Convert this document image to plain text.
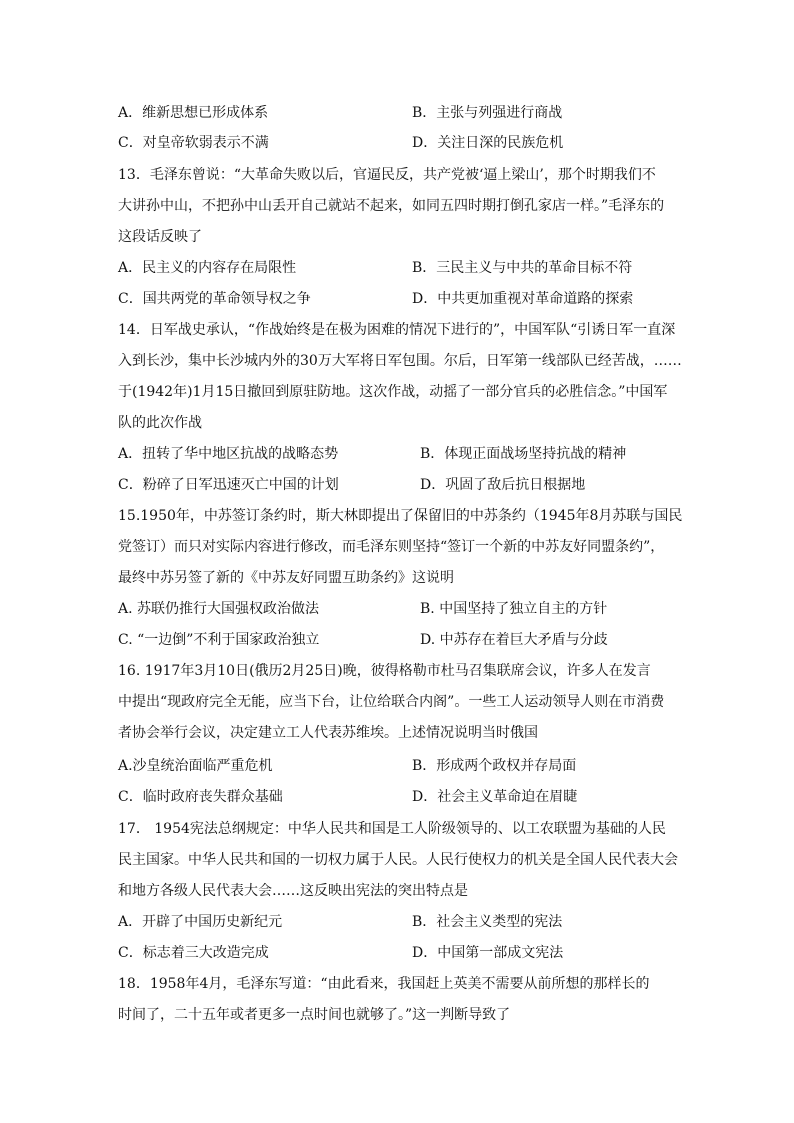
A．维新思想已形成体系	B．主张与列强进行商战
C．对皇帝软弱表示不满	D．关注日深的民族危机
13．毛泽东曾说：“大革命失败以后，官逼民反，共产党被‘逼上梁山’，那个时期我们不
大讲孙中山，不把孙中山丢开自己就站不起来，如同五四时期打倒孔家店一样。”毛泽东的
这段话反映了
A．民主义的内容存在局限性	B．三民主义与中共的革命目标不符
C．国共两党的革命领导权之争	D．中共更加重视对革命道路的探索
14．日军战史承认，“作战始终是在极为困难的情况下进行的”，中国军队“引诱日军一直深
入到长沙，集中长沙城内外的30万大军将日军包围。尔后，日军第一线部队已经苦战，……
于(1942年)1月15日撤回到原驻防地。这次作战，动摇了一部分官兵的必胜信念。”中国军
队的此次作战
A．扭转了华中地区抗战的战略态势	B．体现正面战场坚持抗战的精神
C．粉碎了日军迅速灭亡中国的计划	D．巩固了敌后抗日根据地
15.1950年，中苏签订条约时，斯大林即提出了保留旧的中苏条约（1945年8月苏联与国民
党签订）而只对实际内容进行修改，而毛泽东则坚持“签订一个新的中苏友好同盟条约”，
最终中苏另签了新的《中苏友好同盟互助条约》这说明
A. 苏联仍推行大国强权政治做法	B. 中国坚持了独立自主的方针
C. “一边倒”不利于国家政治独立	D. 中苏存在着巨大矛盾与分歧
16. 1917年3月10日(俄历2月25日)晚，彼得格勒市杜马召集联席会议，许多人在发言
中提出“现政府完全无能，应当下台，让位给联合内阁”。一些工人运动领导人则在市消费
者协会举行会议，决定建立工人代表苏维埃。上述情况说明当时俄国
A.沙皇统治面临严重危机	B．形成两个政权并存局面
C．临时政府丧失群众基础	D．社会主义革命迫在眉睫
17． 1954宪法总纲规定：中华人民共和国是工人阶级领导的、以工农联盟为基础的人民
民主国家。中华人民共和国的一切权力属于人民。人民行使权力的机关是全国人民代表大会
和地方各级人民代表大会……这反映出宪法的突出特点是
A．开辟了中国历史新纪元	B．社会主义类型的宪法
C．标志着三大改造完成	D．中国第一部成文宪法
18．1958年4月，毛泽东写道：“由此看来，我国赶上英美不需要从前所想的那样长的
时间了，二十五年或者更多一点时间也就够了。”这一判断导致了
